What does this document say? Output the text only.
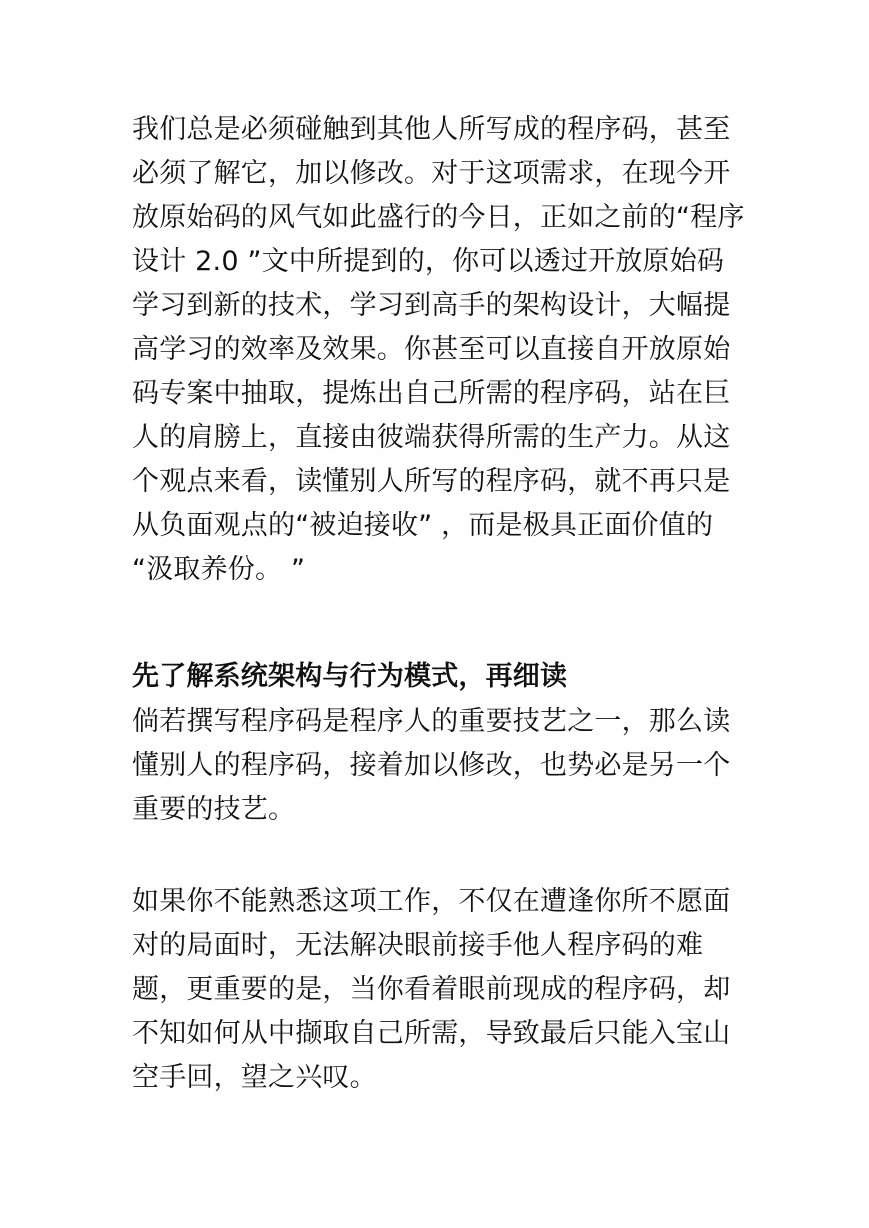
我们总是必须碰触到其他人所写成的程序码，甚至
必须了解它，加以修改。对于这项需求，在现今开
放原始码的风气如此盛行的今日，正如之前的“程序
设计 2.0 ”文中所提到的，你可以透过开放原始码
学习到新的技术，学习到高手的架构设计，大幅提
高学习的效率及效果。你甚至可以直接自开放原始
码专案中抽取，提炼出自己所需的程序码，站在巨
人的肩膀上，直接由彼端获得所需的生产力。从这
个观点来看，读懂别人所写的程序码，就不再只是
从负面观点的“被迫接收” ，而是极具正面价值的
“汲取养份。 ”
先了解系统架构与行为模式，再细读
倘若撰写程序码是程序人的重要技艺之一，那么读
懂别人的程序码，接着加以修改，也势必是另一个
重要的技艺。
如果你不能熟悉这项工作，不仅在遭逢你所不愿面
对的局面时，无法解决眼前接手他人程序码的难
题，更重要的是，当你看着眼前现成的程序码，却
不知如何从中撷取自己所需，导致最后只能入宝山
空手回，望之兴叹。
